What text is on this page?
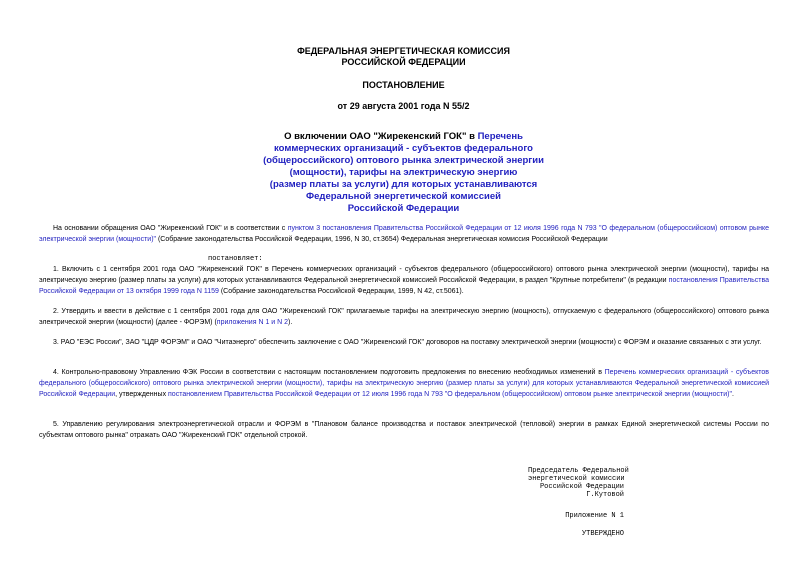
ФЕДЕРАЛЬНАЯ ЭНЕРГЕТИЧЕСКАЯ КОМИССИЯ
РОССИЙСКОЙ ФЕДЕРАЦИИ
ПОСТАНОВЛЕНИЕ
от 29 августа 2001 года N 55/2
О включении ОАО "Жирекенский ГОК" в Перечень
коммерческих организаций - субъектов федерального
(общероссийского) оптового рынка электрической энергии
(мощности), тарифы на электрическую энергию
(размер платы за услуги) для которых устанавливаются
Федеральной энергетической комиссией
Российской Федерации
На основании обращения ОАО "Жирекенский ГОК" и в соответствии с пунктом 3 постановления Правительства Российской Федерации от 12 июля 1996 года N 793 "О федеральном (общероссийском) оптовом рынке электрической энергии (мощности)" (Собрание законодательства Российской Федерации, 1996, N 30, ст.3654) Федеральная энергетическая комиссия Российской Федерации
постановляет:
1. Включить с 1 сентября 2001 года ОАО "Жирекенский ГОК" в Перечень коммерческих организаций - субъектов федерального (общероссийского) оптового рынка электрической энергии (мощности), тарифы на электрическую энергию (размер платы за услуги) для которых устанавливаются Федеральной энергетической комиссией Российской Федерации, в раздел "Крупные потребители" (в редакции постановления Правительства Российской Федерации от 13 октября 1999 года N 1159 (Собрание законодательства Российской Федерации, 1999, N 42, ст.5061).
2. Утвердить и ввести в действие с 1 сентября 2001 года для ОАО "Жирекенский ГОК" прилагаемые тарифы на электрическую энергию (мощность), отпускаемую с федерального (общероссийского) оптового рынка электрической энергии (мощности) (далее - ФОРЭМ) (приложения N 1 и N 2).
3. РАО "ЕЭС России", ЗАО "ЦДР ФОРЭМ" и ОАО "Читаэнерго" обеспечить заключение с ОАО "Жирекенский ГОК" договоров на поставку электрической энергии (мощности) с ФОРЭМ и оказание связанных с эти услуг.
4. Контрольно-правовому Управлению ФЭК России в соответствии с настоящим постановлением подготовить предложения по внесению необходимых изменений в Перечень коммерческих организаций - субъектов федерального (общероссийского) оптового рынка электрической энергии (мощности), тарифы на электрическую энергию (размер платы за услуги) для которых устанавливаются Федеральной энергетической комиссией Российской Федерации, утвержденных постановлением Правительства Российской Федерации от 12 июля 1996 года N 793 "О федеральном (общероссийском) оптовом рынке электрической энергии (мощности)".
5. Управлению регулирования электроэнергетической отрасли и ФОРЭМ в "Плановом балансе производства и поставок электрической (тепловой) энергии в рамках Единой энергетической системы России по субъектам оптового рынка" отражать ОАО "Жирекенский ГОК" отдельной строкой.
Председатель Федеральной
энергетической комиссии
Российской Федерации
Г.Кутовой
Приложение N 1
УТВЕРЖДЕНО
